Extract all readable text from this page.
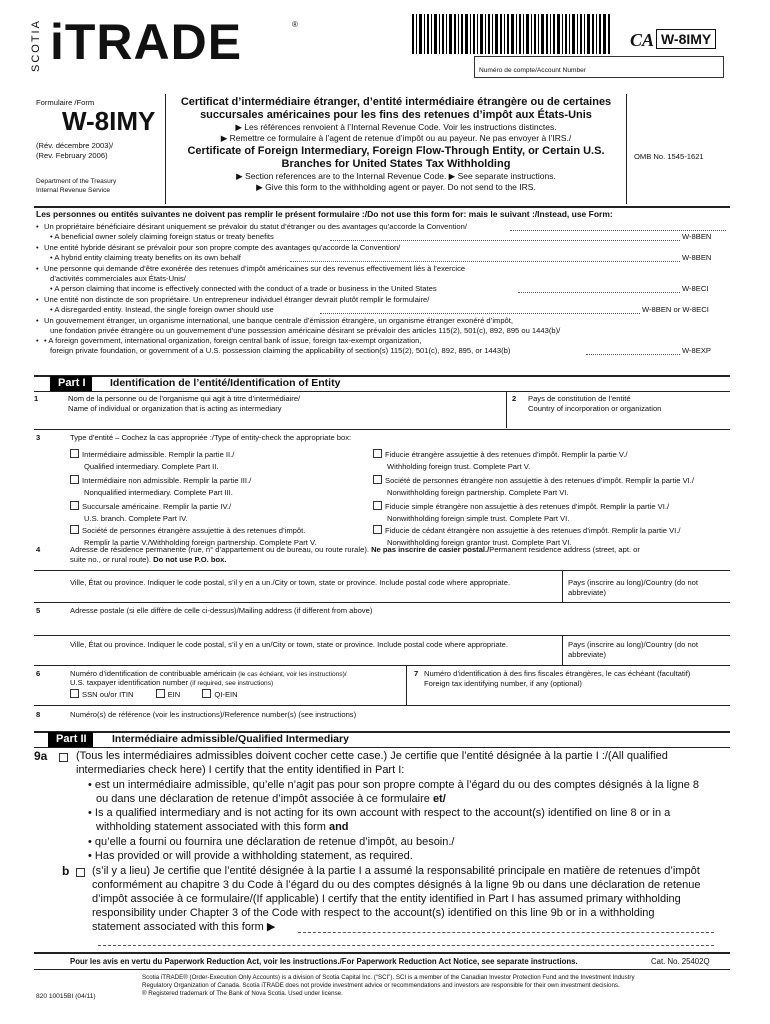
SCOTIA iTRADE	®
CA W-8IMY
Numéro de compte/Account Number
Formulaire /Form
W-8IMY
(Rév. décembre 2003)/
(Rev. February 2006)
Department of the Treasury
Internal Revenue Service
Certificat d’intermédiaire étranger, d’entité intermédiaire étrangère ou de certaines
succursales américaines pour les fins des retenues d’impôt aux États-Unis
▶ Les références renvoient à l’Internal Revenue Code. Voir les instructions distinctes.
▶ Remettre ce formulaire à l’agent de retenue d’impôt ou au payeur. Ne pas envoyer à l’IRS./
Certificate of Foreign Intermediary, Foreign Flow-Through Entity, or Certain U.S.
Branches for United States Tax Withholding
▶ Section references are to the Internal Revenue Code. ▶ See separate instructions.
▶ Give this form to the withholding agent or payer. Do not send to the IRS.
OMB No. 1545-1621
Les personnes ou entités suivantes ne doivent pas remplir le présent formulaire :/Do not use this form for: mais le suivant :/Instead, use Form:
• Un propriétaire bénéficiaire désirant uniquement se prévaloir du statut d’étranger ou des avantages qu’accorde la Convention/
• A beneficial owner solely claiming foreign status or treaty benefits	W-8BEN
• Une entité hybride désirant se prévaloir pour son propre compte des avantages qu’accorde la Convention/
• A hybrid entity claiming treaty benefits on its own behalf	W-8BEN
• Une personne qui demande d’être exonérée des retenues d’impôt américaines sur des revenus effectivement liés à l’exercice
d’activités commerciales aux États-Unis/
• A person claiming that income is effectively connected with the conduct of a trade or business in the United States	W-8ECI
• Une entité non distincte de son propriétaire. Un entrepreneur individuel étranger devrait plutôt remplir le formulaire/
• A disregarded entity. Instead, the single foreign owner should use	W-8BEN or W-8ECI
• Un gouvernement étranger, un organisme international, une banque centrale d’émission étrangère, un organisme étranger exonéré d’impôt,
une fondation privée étrangère ou un gouvernement d’une possession américaine désirant se prévaloir des articles 115(2), 501(c), 892, 895 ou 1443(b)/
• • A foreign government, international organization, foreign central bank of issue, foreign tax-exempt organization,
foreign private foundation, or government of a U.S. possession claiming the applicability of section(s) 115(2), 501(c), 892, 895, or 1443(b)	W-8EXP
Part I	Identification de l’entité/Identification of Entity
1	Nom de la personne ou de l’organisme qui agit à titre d’intermédiaire/
Name of individual or organization that is acting as intermediary
2 Pays de constitution de l’entité
Country of incorporation or organization
3	Type d’entité – Cochez la cas appropriée :/Type of entity-check the appropriate box:
Intermédiaire admissible. Remplir la partie II./
Qualified intermediary. Complete Part II.
Intermédiaire non admissible. Remplir la partie III./
Nonqualified intermediary. Complete Part III.
Succursale américaine. Remplir la partie IV./
U.S. branch. Complete Part IV.
Société de personnes étrangère assujettie à des retenues d’impôt.
Remplir la partie V./Withholding foreign partnership. Complete Part V.
Fiducie étrangère assujettie à des retenues d’impôt. Remplir la partie V./
Withholding foreign trust. Complete Part V.
Société de personnes étrangère non assujettie à des retenues d’impôt. Remplir la partie VI./
Nonwithholding foreign partnership. Complete Part VI.
Fiducie simple étrangère non assujettie à des retenues d’impôt. Remplir la partie VI./
Nonwithholding foreign simple trust. Complete Part VI.
Fiducie de cédant étrangère non assujettie à des retenues d’impôt. Remplir la partie VI./
Nonwithholding foreign grantor trust. Complete Part VI.
4	Adresse de résidence permanente (rue, n° d’appartement ou de bureau, ou route rurale). Ne pas inscrire de casier postal./Permanent residence address (street, apt. or
suite no., or rural route). Do not use P.O. box.
Ville, État ou province. Indiquer le code postal, s’il y en a un./City or town, state or province. Include postal code where appropriate.	Pays (inscrire au long)/Country (do not
abbreviate)
5	Adresse postale (si elle diffère de celle ci-dessus)/Mailing address (if different from above)
Ville, État ou province. Indiquer le code postal, s’il y en a un/City or town, state or province. Include postal code where appropriate.	Pays (inscrire au long)/Country (do not
abbreviate)
6	Numéro d’identification de contribuable américain (le cas échéant, voir les instructions)/
U.S. taxpayer identification number (if required, see instructions)
SSN ou/or ITIN	EIN	QI-EIN
7 Numéro d’identification à des fins fiscales étrangères, le cas échéant (facultatif)
Foreign tax identifying number, if any (optional)
8	Numéro(s) de référence (voir les instructions)/Reference number(s) (see instructions)
Part II	Intermédiaire admissible/Qualified Intermediary
9a	(Tous les intermédiaires admissibles doivent cocher cette case.) Je certifie que l’entité désignée à la partie I :/(All qualified
intermediaries check here) I certify that the entity identified in Part I:
• est un intermédiaire admissible, qu’elle n’agit pas pour son propre compte à l’égard du ou des comptes désignés à la ligne 8
ou dans une déclaration de retenue d’impôt associée à ce formulaire et/
• Is a qualified intermediary and is not acting for its own account with respect to the account(s) identified on line 8 or in a
withholding statement associated with this form and
• qu’elle a fourni ou fournira une déclaration de retenue d’impôt, au besoin./
• Has provided or will provide a withholding statement, as required.
b (s’il y a lieu) Je certifie que l’entité désignée à la partie I a assumé la responsabilité principale en matière de retenues d’impôt
conformément au chapitre 3 du Code à l’égard du ou des comptes désignés à la ligne 9b ou dans une déclaration de retenue
d’impôt associée à ce formulaire/(If applicable) I certify that the entity identified in Part I has assumed primary withholding
responsibility under Chapter 3 of the Code with respect to the account(s) identified on this line 9b or in a withholding
statement associated with this form ▶
Pour les avis en vertu du Paperwork Reduction Act, voir les instructions./For Paperwork Reduction Act Notice, see separate instructions.	Cat. No. 25402Q
Scotia iTRADE® (Order-Execution Only Accounts) is a division of Scotia Capital Inc. (“SCI”). SCI is a member of the Canadian Investor Protection Fund and the Investment Industry
Regulatory Organization of Canada. Scotia iTRADE does not provide investment advice or recommendations and investors are responsible for their own investment decisions.
® Registered trademark of The Bank of Nova Scotia. Used under license.
820 10015BI (04/11)
